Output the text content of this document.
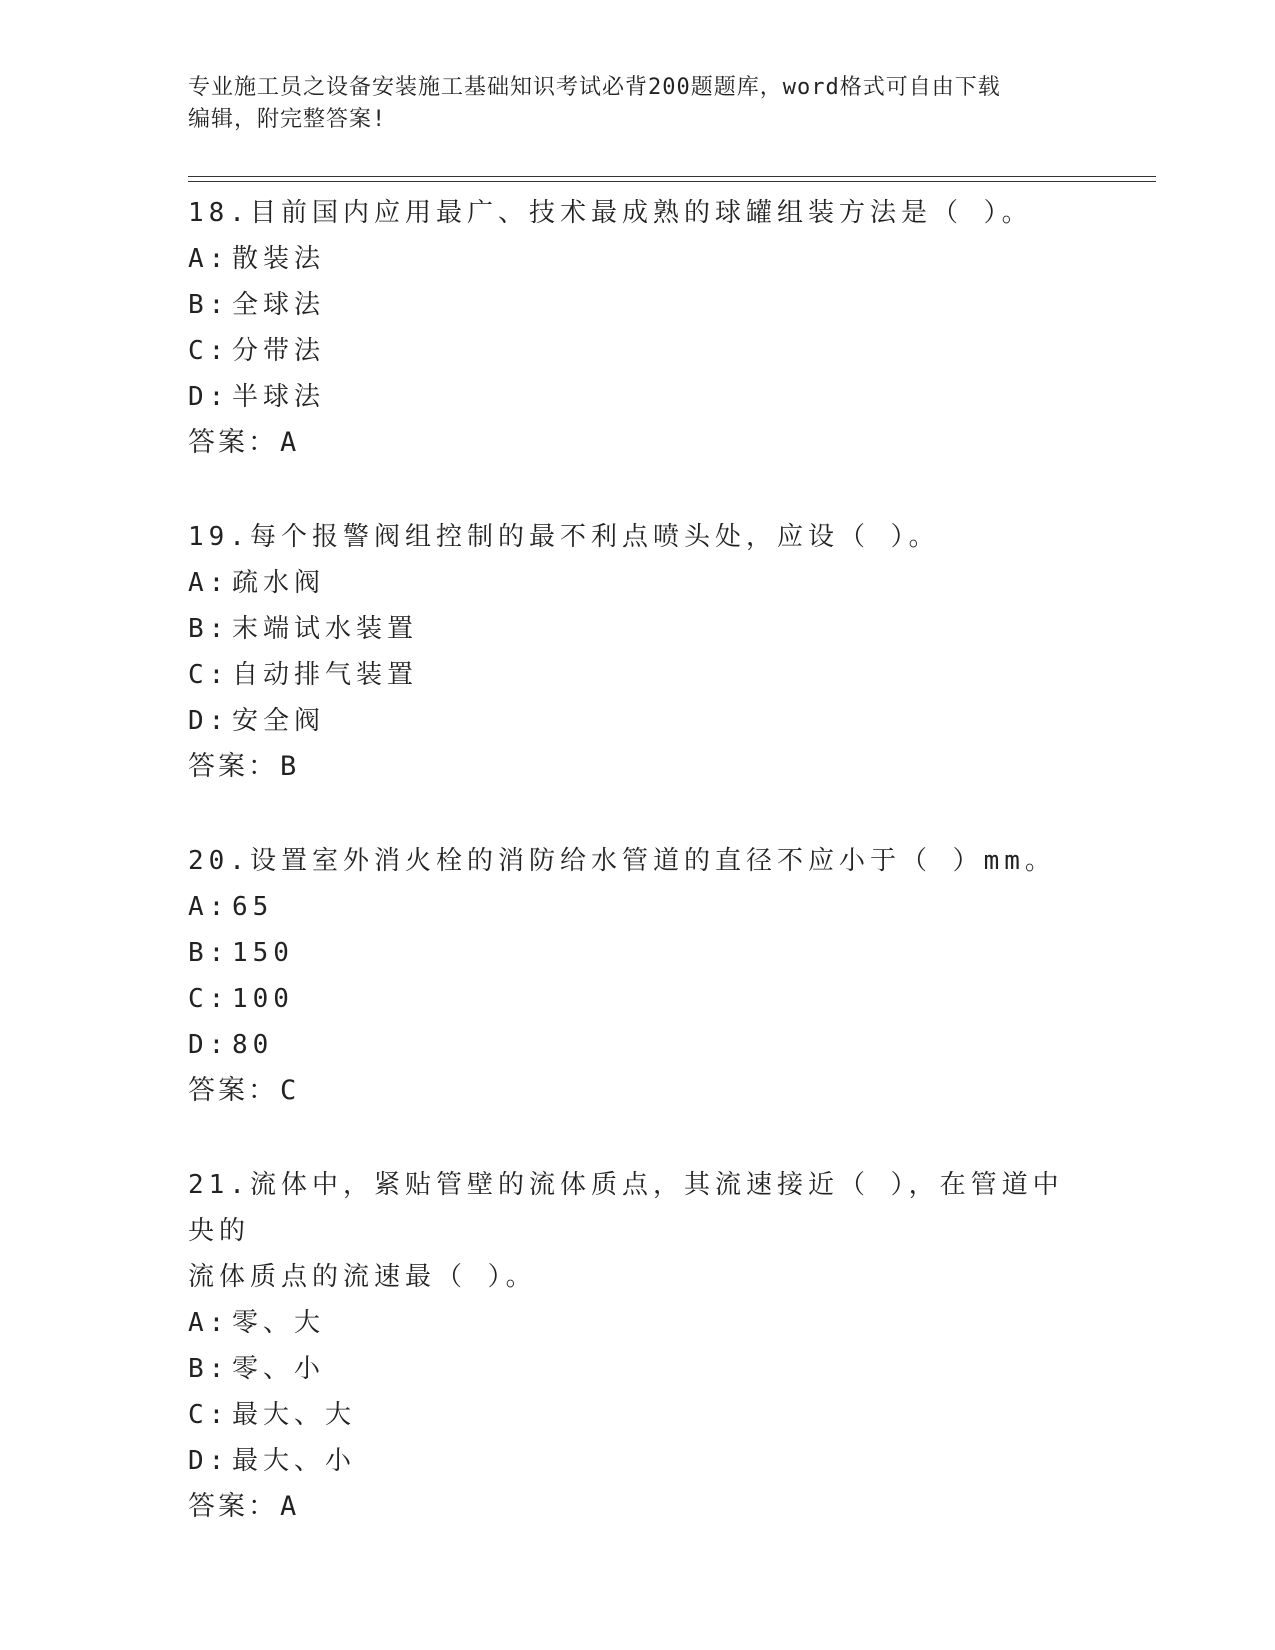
专业施工员之设备安装施工基础知识考试必背200题题库，word格式可自由下载
编辑，附完整答案!
18.目前国内应用最广、技术最成熟的球罐组装方法是（ ）。
A: 散装法
B: 全球法
C: 分带法
D: 半球法
答案： A
19.每个报警阀组控制的最不利点喷头处，应设（ ）。
A: 疏水阀
B: 末端试水装置
C: 自动排气装置
D: 安全阀
答案： B
20.设置室外消火栓的消防给水管道的直径不应小于（ ）mm。
A: 65
B: 150
C: 100
D: 80
答案： C
21.流体中，紧贴管壁的流体质点，其流速接近（ ），在管道中央的
流体质点的流速最（ ）。
A: 零、大
B: 零、小
C: 最大、大
D: 最大、小
答案： A
